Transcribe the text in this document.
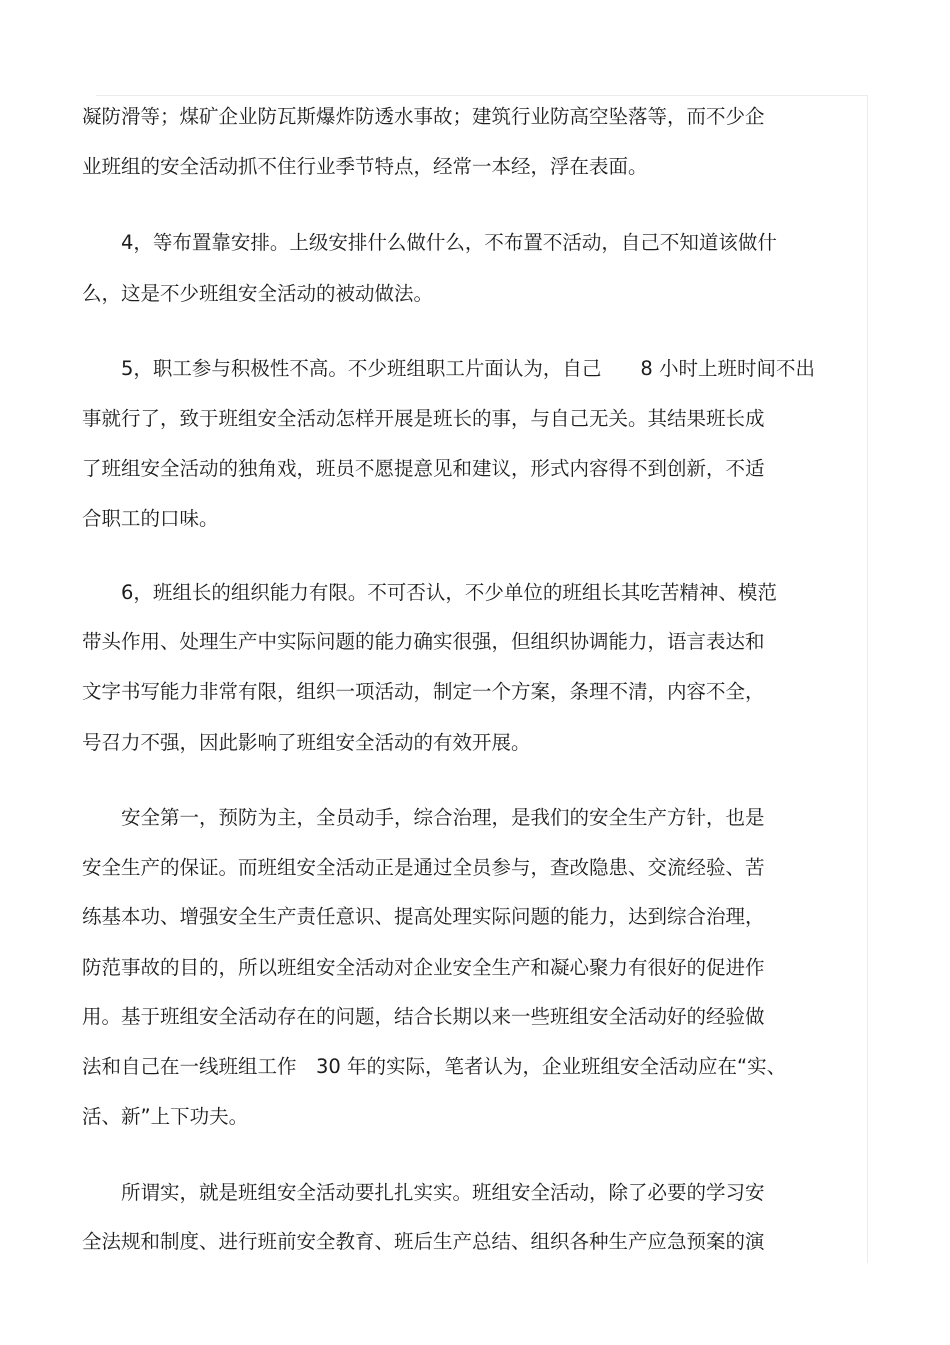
凝防滑等；煤矿企业防瓦斯爆炸防透水事故；建筑行业防高空坠落等，而不少企

业班组的安全活动抓不住行业季节特点，经常一本经，浮在表面。

4，等布置靠安排。上级安排什么做什么，不布置不活动，自己不知道该做什

么，这是不少班组安全活动的被动做法。

5，职工参与积极性不高。不少班组职工片面认为，自己　　8 小时上班时间不出

事就行了，致于班组安全活动怎样开展是班长的事，与自己无关。其结果班长成

了班组安全活动的独角戏，班员不愿提意见和建议，形式内容得不到创新，不适

合职工的口味。

6，班组长的组织能力有限。不可否认，不少单位的班组长其吃苦精神、模范

带头作用、处理生产中实际问题的能力确实很强，但组织协调能力，语言表达和

文字书写能力非常有限，组织一项活动，制定一个方案，条理不清，内容不全，

号召力不强，因此影响了班组安全活动的有效开展。

安全第一，预防为主，全员动手，综合治理，是我们的安全生产方针，也是

安全生产的保证。而班组安全活动正是通过全员参与，查改隐患、交流经验、苦

练基本功、增强安全生产责任意识、提高处理实际问题的能力，达到综合治理，

防范事故的目的，所以班组安全活动对企业安全生产和凝心聚力有很好的促进作

用。基于班组安全活动存在的问题，结合长期以来一些班组安全活动好的经验做

法和自己在一线班组工作　30 年的实际，笔者认为，企业班组安全活动应在“实、

活、新”上下功夫。

所谓实，就是班组安全活动要扎扎实实。班组安全活动，除了必要的学习安

全法规和制度、进行班前安全教育、班后生产总结、组织各种生产应急预案的演
